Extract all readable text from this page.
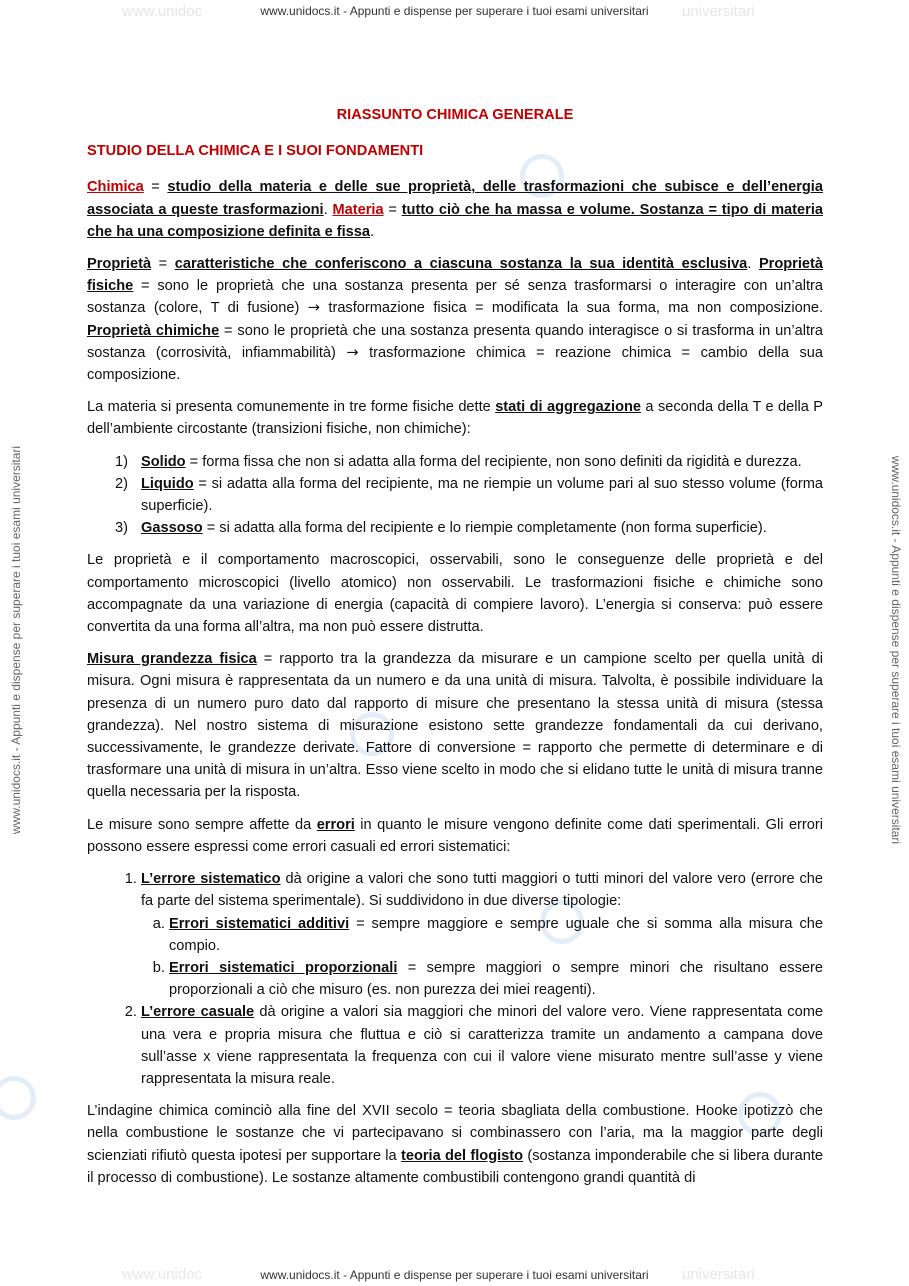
www.unidoc	universitari
www.unidoc	universitari
www.unidocs.it - Appunti e dispense per superare i tuoi esami universitari
www.unidocs.it - Appunti e dispense per superare i tuoi esami universitari
www.unidocs.it - Appunti e dispense per superare i tuoi esami universitari	www.unidocs.it - Appunti e dispense per superare i tuoi esami universitari
RIASSUNTO CHIMICA GENERALE
STUDIO DELLA CHIMICA E I SUOI FONDAMENTI

Chimica = studio della materia e delle sue proprietà, delle trasformazioni che subisce e dell’energia associata a queste trasformazioni. Materia = tutto ciò che ha massa e volume. Sostanza = tipo di materia che ha una composizione definita e fissa.

Proprietà = caratteristiche che conferiscono a ciascuna sostanza la sua identità esclusiva. Proprietà fisiche = sono le proprietà che una sostanza presenta per sé senza trasformarsi o interagire con un’altra sostanza (colore, T di fusione) → trasformazione fisica = modificata la sua forma, ma non composizione. Proprietà chimiche = sono le proprietà che una sostanza presenta quando interagisce o si trasforma in un’altra sostanza (corrosività, infiammabilità) → trasformazione chimica = reazione chimica = cambio della sua composizione.

La materia si presenta comunemente in tre forme fisiche dette stati di aggregazione a seconda della T e della P dell’ambiente circostante (transizioni fisiche, non chimiche):

1) Solido = forma fissa che non si adatta alla forma del recipiente, non sono definiti da rigidità e durezza.
2) Liquido = si adatta alla forma del recipiente, ma ne riempie un volume pari al suo stesso volume (forma superficie).
3) Gassoso = si adatta alla forma del recipiente e lo riempie completamente (non forma superficie).

Le proprietà e il comportamento macroscopici, osservabili, sono le conseguenze delle proprietà e del comportamento microscopici (livello atomico) non osservabili. Le trasformazioni fisiche e chimiche sono accompagnate da una variazione di energia (capacità di compiere lavoro). L’energia si conserva: può essere convertita da una forma all’altra, ma non può essere distrutta.

Misura grandezza fisica = rapporto tra la grandezza da misurare e un campione scelto per quella unità di misura. Ogni misura è rappresentata da un numero e da una unità di misura. Talvolta, è possibile individuare la presenza di un numero puro dato dal rapporto di misure che presentano la stessa unità di misura (stessa grandezza). Nel nostro sistema di misurazione esistono sette grandezze fondamentali da cui derivano, successivamente, le grandezze derivate. Fattore di conversione = rapporto che permette di determinare e di trasformare una unità di misura in un’altra. Esso viene scelto in modo che si elidano tutte le unità di misura tranne quella necessaria per la risposta.

Le misure sono sempre affette da errori in quanto le misure vengono definite come dati sperimentali. Gli errori possono essere espressi come errori casuali ed errori sistematici:

1. L’errore sistematico dà origine a valori che sono tutti maggiori o tutti minori del valore vero (errore che fa parte del sistema sperimentale). Si suddividono in due diverse tipologie:
a. Errori sistematici additivi = sempre maggiore e sempre uguale che si somma alla misura che compio.
b. Errori sistematici proporzionali = sempre maggiori o sempre minori che risultano essere proporzionali a ciò che misuro (es. non purezza dei miei reagenti).
2. L’errore casuale dà origine a valori sia maggiori che minori del valore vero. Viene rappresentata come una vera e propria misura che fluttua e ciò si caratterizza tramite un andamento a campana dove sull’asse x viene rappresentata la frequenza con cui il valore viene misurato mentre sull’asse y viene rappresentata la misura reale.

L’indagine chimica cominciò alla fine del XVII secolo = teoria sbagliata della combustione. Hooke ipotizzò che nella combustione le sostanze che vi partecipavano si combinassero con l’aria, ma la maggior parte degli scienziati rifiutò questa ipotesi per supportare la teoria del flogisto (sostanza imponderabile che si libera durante il processo di combustione). Le sostanze altamente combustibili contengono grandi quantità di
